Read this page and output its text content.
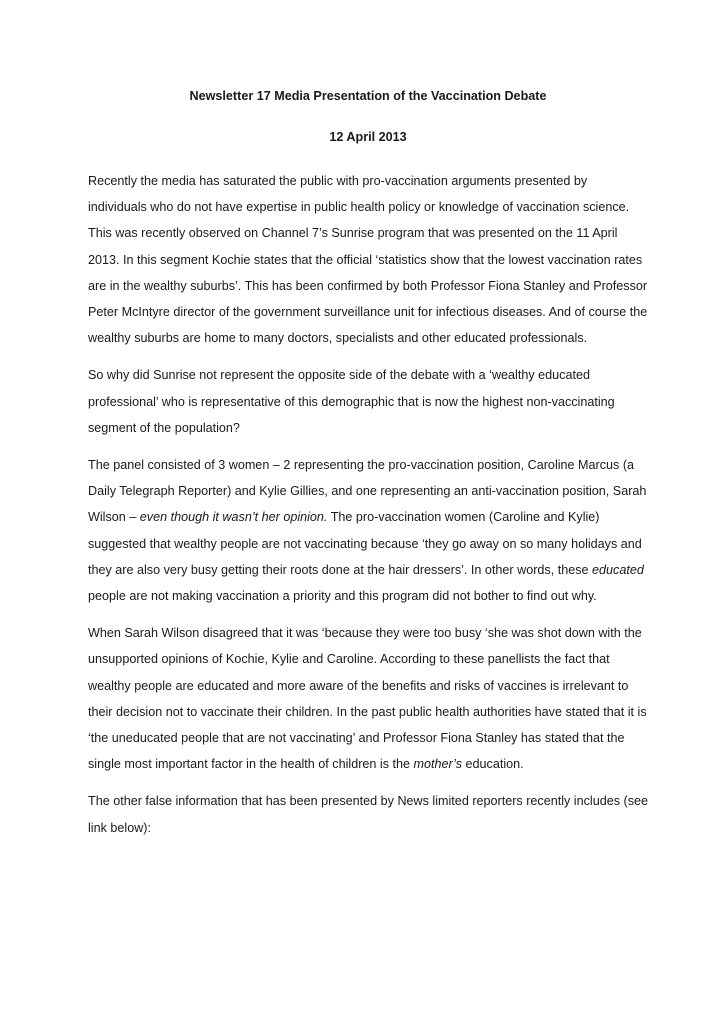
Newsletter 17 Media Presentation of the Vaccination Debate

12 April 2013

Recently the media has saturated the public with pro-vaccination arguments presented by individuals who do not have expertise in public health policy or knowledge of vaccination science. This was recently observed on Channel 7’s Sunrise program that was presented on the 11 April 2013. In this segment Kochie states that the official ‘statistics show that the lowest vaccination rates are in the wealthy suburbs’. This has been confirmed by both Professor Fiona Stanley and Professor Peter McIntyre director of the government surveillance unit for infectious diseases. And of course the wealthy suburbs are home to many doctors, specialists and other educated professionals.

So why did Sunrise not represent the opposite side of the debate with a ‘wealthy educated professional’ who is representative of this demographic that is now the highest non-vaccinating segment of the population?

The panel consisted of 3 women – 2 representing the pro-vaccination position, Caroline Marcus (a Daily Telegraph Reporter) and Kylie Gillies, and one representing an anti-vaccination position, Sarah Wilson – even though it wasn’t her opinion. The pro-vaccination women (Caroline and Kylie) suggested that wealthy people are not vaccinating because ‘they go away on so many holidays and they are also very busy getting their roots done at the hair dressers’. In other words, these educated people are not making vaccination a priority and this program did not bother to find out why.

When Sarah Wilson disagreed that it was ‘because they were too busy ‘she was shot down with the unsupported opinions of Kochie, Kylie and Caroline. According to these panellists the fact that wealthy people are educated and more aware of the benefits and risks of vaccines is irrelevant to their decision not to vaccinate their children. In the past public health authorities have stated that it is ‘the uneducated people that are not vaccinating’ and Professor Fiona Stanley has stated that the single most important factor in the health of children is the mother’s education.

The other false information that has been presented by News limited reporters recently includes (see link below):
